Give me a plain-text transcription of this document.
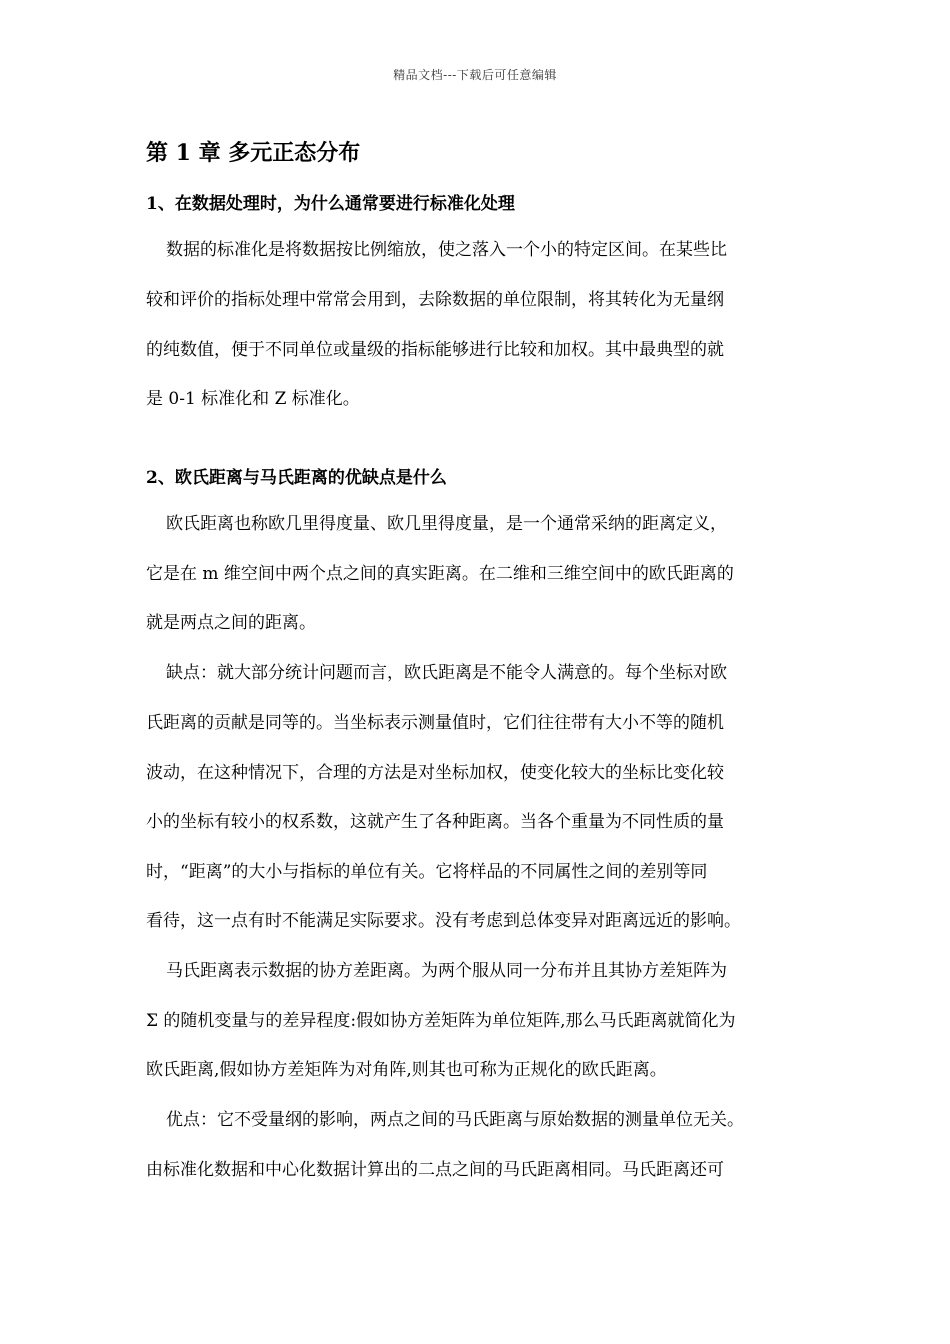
精品文档---下载后可任意编辑
第 1 章 多元正态分布
1、在数据处理时，为什么通常要进行标准化处理
数据的标准化是将数据按比例缩放，使之落入一个小的特定区间。在某些比
较和评价的指标处理中常常会用到，去除数据的单位限制，将其转化为无量纲
的纯数值，便于不同单位或量级的指标能够进行比较和加权。其中最典型的就
是 0-1 标准化和 Z 标准化。
2、欧氏距离与马氏距离的优缺点是什么
欧氏距离也称欧几里得度量、欧几里得度量，是一个通常采纳的距离定义，
它是在 m 维空间中两个点之间的真实距离。在二维和三维空间中的欧氏距离的
就是两点之间的距离。
缺点：就大部分统计问题而言，欧氏距离是不能令人满意的。每个坐标对欧
氏距离的贡献是同等的。当坐标表示测量值时，它们往往带有大小不等的随机
波动，在这种情况下，合理的方法是对坐标加权，使变化较大的坐标比变化较
小的坐标有较小的权系数，这就产生了各种距离。当各个重量为不同性质的量
时，“距离”的大小与指标的单位有关。它将样品的不同属性之间的差别等同
看待，这一点有时不能满足实际要求。没有考虑到总体变异对距离远近的影响。
马氏距离表示数据的协方差距离。为两个服从同一分布并且其协方差矩阵为
Σ 的随机变量与的差异程度:假如协方差矩阵为单位矩阵,那么马氏距离就简化为
欧氏距离,假如协方差矩阵为对角阵,则其也可称为正规化的欧氏距离。
优点：它不受量纲的影响，两点之间的马氏距离与原始数据的测量单位无关。
由标准化数据和中心化数据计算出的二点之间的马氏距离相同。马氏距离还可
